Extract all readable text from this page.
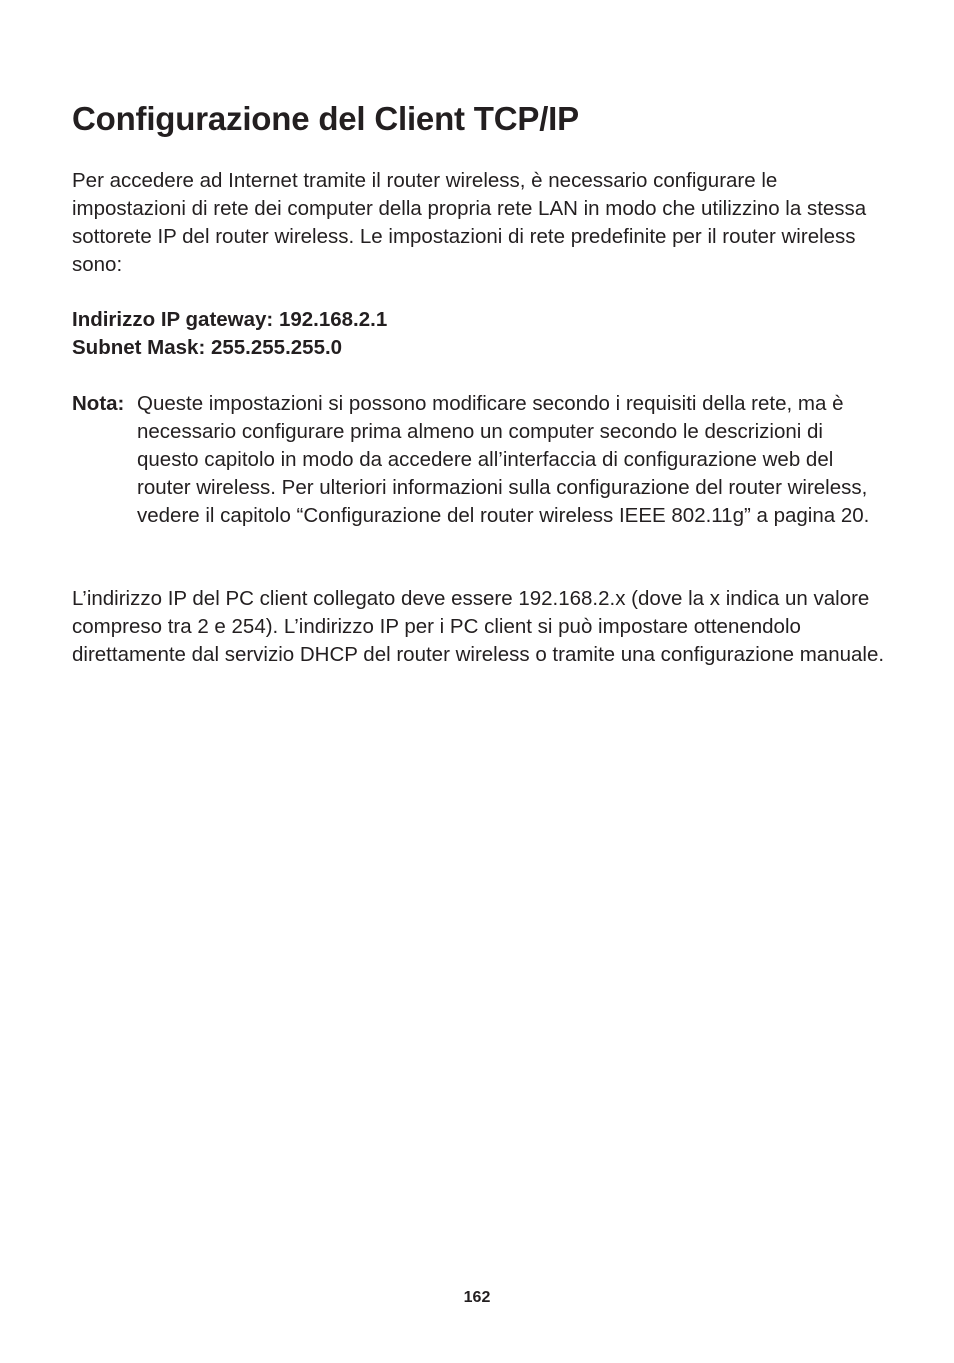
Configurazione del Client TCP/IP

Per accedere ad Internet tramite il router wireless, è necessario configurare le impostazioni di rete dei computer della propria rete LAN in modo che utilizzino la stessa sottorete IP del router wireless. Le impostazioni di rete predefinite per il router wireless sono:

Indirizzo IP gateway: 192.168.2.1
Subnet Mask: 255.255.255.0
Nota: Queste impostazioni si possono modificare secondo i requisiti della rete, ma è necessario configurare prima almeno un computer secondo le descrizioni di questo capitolo in modo da accedere all’interfaccia di configurazione web del router wireless. Per ulteriori informazioni sulla configurazione del router wireless, vedere il capitolo “Configurazione del router wireless IEEE 802.11g” a pagina 20.

L’indirizzo IP del PC client collegato deve essere 192.168.2.x (dove la x indica un valore compreso tra 2 e 254). L’indirizzo IP per i PC client si può impostare ottenendolo direttamente dal servizio DHCP del router wireless o tramite una configurazione manuale.

162
